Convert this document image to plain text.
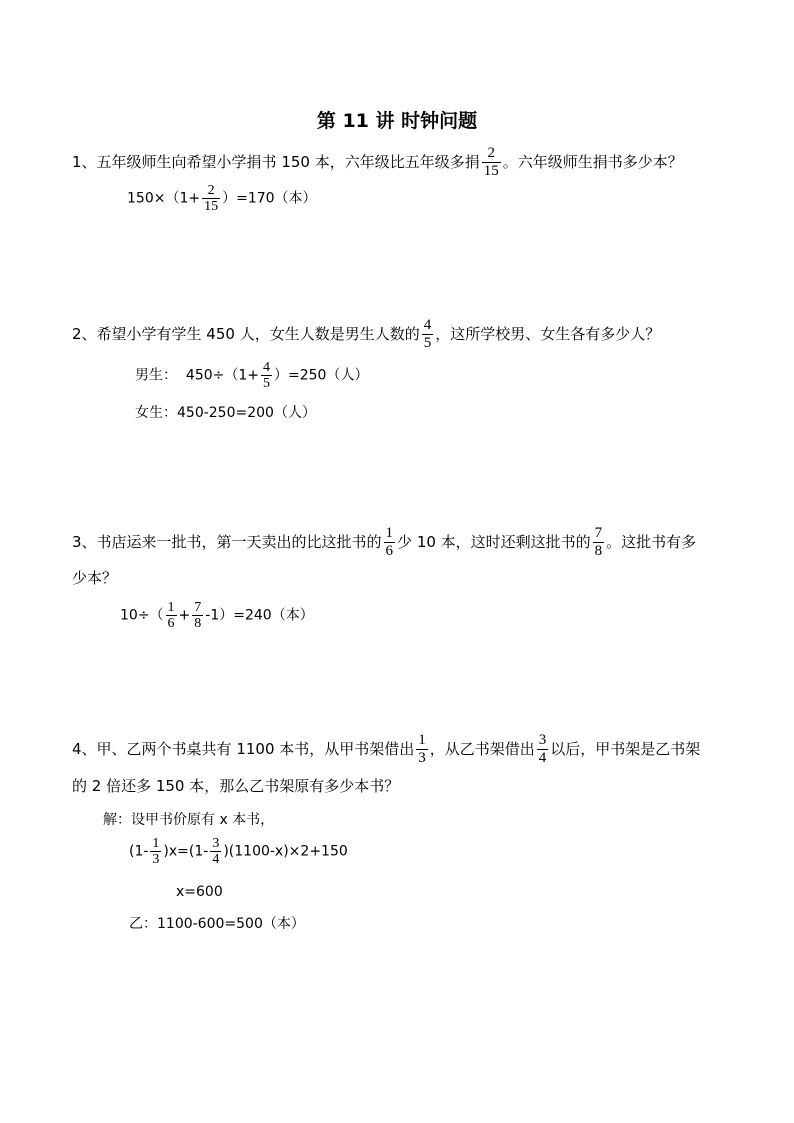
第 11 讲 时钟问题
1、五年级师生向希望小学捐书 150 本，六年级比五年级多捐 $\frac{2}{15}$ 。六年级师生捐书多少本？
$150\times(1+ \frac{2}{15} )=170$（本）
2、希望小学有学生 450 人，女生人数是男生人数的 $\frac{4}{5}$ ，这所学校男、女生各有多少人？
男生： $450\div(1+ \frac{4}{5} )=250$（人）
女生：450-250=200（人）
3、书店运来一批书，第一天卖出的比这批书的 $\frac{1}{6}$ 少 10 本，这时还剩这批书的 $\frac{7}{8}$ 。这批书有多
少本？
$10\div( \frac{1}{6} + \frac{7}{8} -1)=240$（本）
4、甲、乙两个书桌共有 1100 本书，从甲书架借出 $\frac{1}{3}$ ，从乙书架借出 $\frac{3}{4}$ 以后，甲书架是乙书架
的 2 倍还多 150 本，那么乙书架原有多少本书？
解：设甲书价原有 x 本书，
$(1- \frac{1}{3} )x=(1- \frac{3}{4} )(1100-x)\times 2+150$
x=600
乙：1100-600=500（本）
